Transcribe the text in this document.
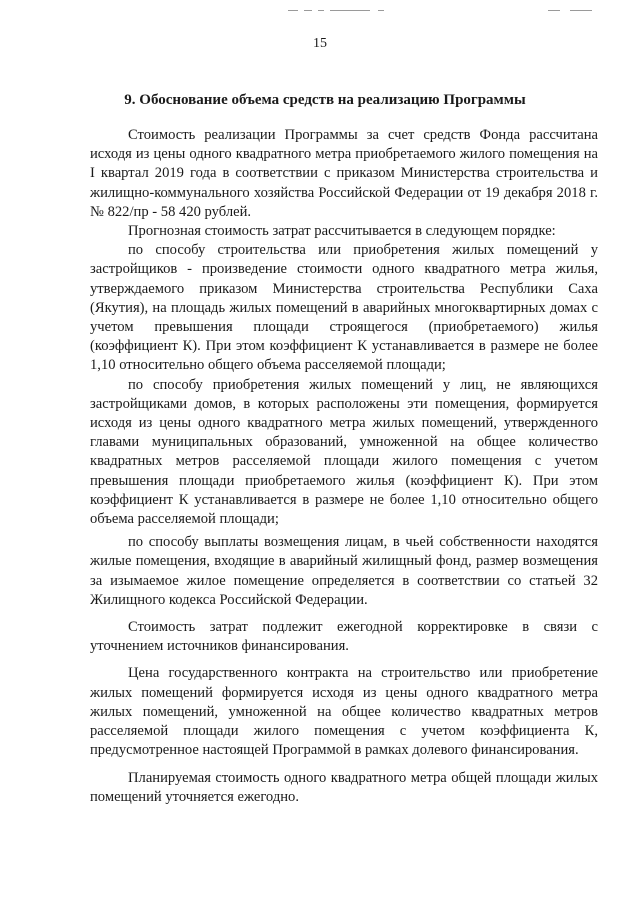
15
9. Обоснование объема средств на реализацию Программы

Стоимость реализации Программы за счет средств Фонда рассчитана исходя из цены одного квадратного метра приобретаемого жилого помещения на I квартал 2019 года в соответствии с приказом Министерства строительства и жилищно-коммунального хозяйства Российской Федерации от 19 декабря 2018 г. № 822/пр - 58 420 рублей.

Прогнозная стоимость затрат рассчитывается в следующем порядке:

по способу строительства или приобретения жилых помещений у застройщиков - произведение стоимости одного квадратного метра жилья, утверждаемого приказом Министерства строительства Республики Саха (Якутия), на площадь жилых помещений в аварийных многоквартирных домах с учетом превышения площади строящегося (приобретаемого) жилья (коэффициент К). При этом коэффициент К устанавливается в размере не более 1,10 относительно общего объема расселяемой площади;

по способу приобретения жилых помещений у лиц, не являющихся застройщиками домов, в которых расположены эти помещения, формируется исходя из цены одного квадратного метра жилых помещений, утвержденного главами муниципальных образований, умноженной на общее количество квадратных метров расселяемой площади жилого помещения с учетом превышения площади приобретаемого жилья (коэффициент К). При этом коэффициент К устанавливается в размере не более 1,10 относительно общего объема расселяемой площади;

по способу выплаты возмещения лицам, в чьей собственности находятся жилые помещения, входящие в аварийный жилищный фонд, размер возмещения за изымаемое жилое помещение определяется в соответствии со статьей 32 Жилищного кодекса Российской Федерации.

Стоимость затрат подлежит ежегодной корректировке в связи с уточнением источников финансирования.

Цена государственного контракта на строительство или приобретение жилых помещений формируется исходя из цены одного квадратного метра жилых помещений, умноженной на общее количество квадратных метров расселяемой площади жилого помещения с учетом коэффициента К, предусмотренное настоящей Программой в рамках долевого финансирования.

Планируемая стоимость одного квадратного метра общей площади жилых помещений уточняется ежегодно.
